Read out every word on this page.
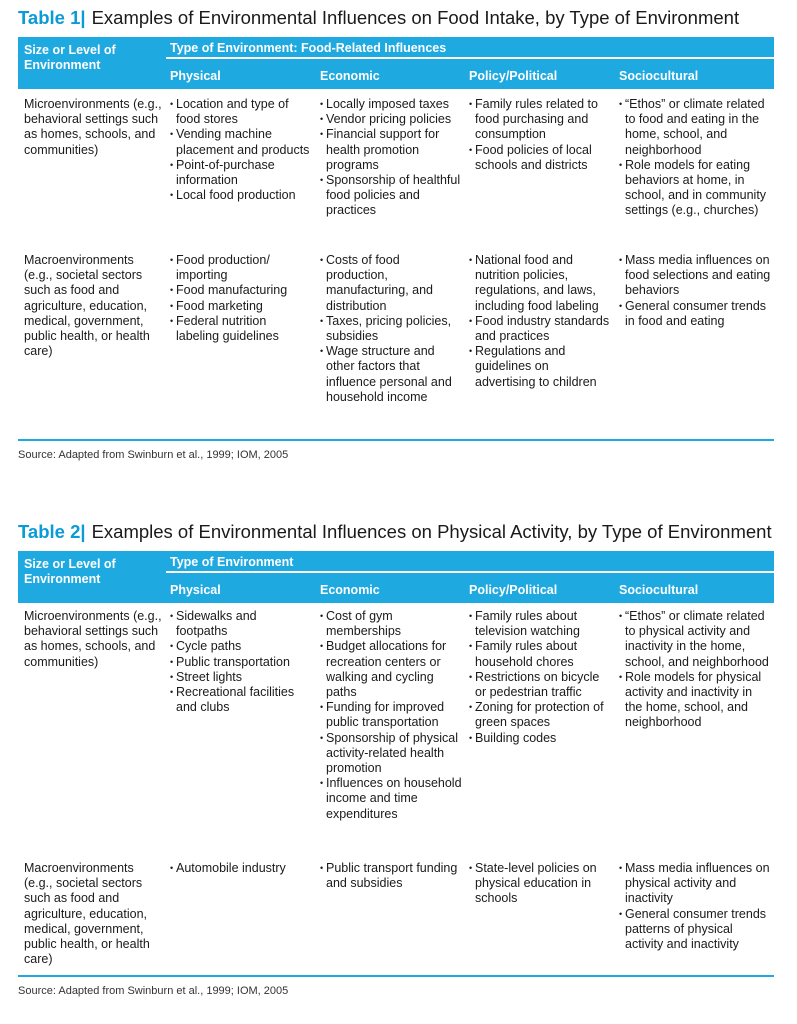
Table 1| Examples of Environmental Influences on Food Intake, by Type of Environment
Type of Environment: Food-Related Influences
Size or Level of Environment
Physical	Economic	Policy/Political	Sociocultural
Microenvironments (e.g., behavioral settings such as homes, schools, and communities)
• Location and type of food stores
• Vending machine placement and products
• Point-of-purchase information
• Local food production
• Locally imposed taxes
• Vendor pricing policies
• Financial support for health promotion programs
• Sponsorship of healthful food policies and practices
• Family rules related to food purchasing and consumption
• Food policies of local schools and districts
• “Ethos” or climate related to food and eating in the home, school, and neighborhood
• Role models for eating behaviors at home, in school, and in community settings (e.g., churches)
Macroenvironments (e.g., societal sectors such as food and agriculture, education, medical, government, public health, or health care)
• Food production/ importing
• Food manufacturing
• Food marketing
• Federal nutrition labeling guidelines
• Costs of food production, manufacturing, and distribution
• Taxes, pricing policies, subsidies
• Wage structure and other factors that influence personal and household income
• National food and nutrition policies, regulations, and laws, including food labeling
• Food industry standards and practices
• Regulations and guidelines on advertising to children
• Mass media influences on food selections and eating behaviors
• General consumer trends in food and eating
Source: Adapted from Swinburn et al., 1999; IOM, 2005
Table 2| Examples of Environmental Influences on Physical Activity, by Type of Environment
Type of Environment
Size or Level of Environment
Physical	Economic	Policy/Political	Sociocultural
Microenvironments (e.g., behavioral settings such as homes, schools, and communities)
• Sidewalks and footpaths
• Cycle paths
• Public transportation
• Street lights
• Recreational facilities and clubs
• Cost of gym memberships
• Budget allocations for recreation centers or walking and cycling paths
• Funding for improved public transportation
• Sponsorship of physical activity-related health promotion
• Influences on household income and time expenditures
• Family rules about television watching
• Family rules about household chores
• Restrictions on bicycle or pedestrian traffic
• Zoning for protection of green spaces
• Building codes
• “Ethos” or climate related to physical activity and inactivity in the home, school, and neighborhood
• Role models for physical activity and inactivity in the home, school, and neighborhood
Macroenvironments (e.g., societal sectors such as food and agriculture, education, medical, government, public health, or health care)
• Automobile industry
•	Public transport funding and subsidies
• State-level policies on physical education in schools
• Mass media influences on physical activity and inactivity
• General consumer trends patterns of physical activity and inactivity
Source: Adapted from Swinburn et al., 1999; IOM, 2005
